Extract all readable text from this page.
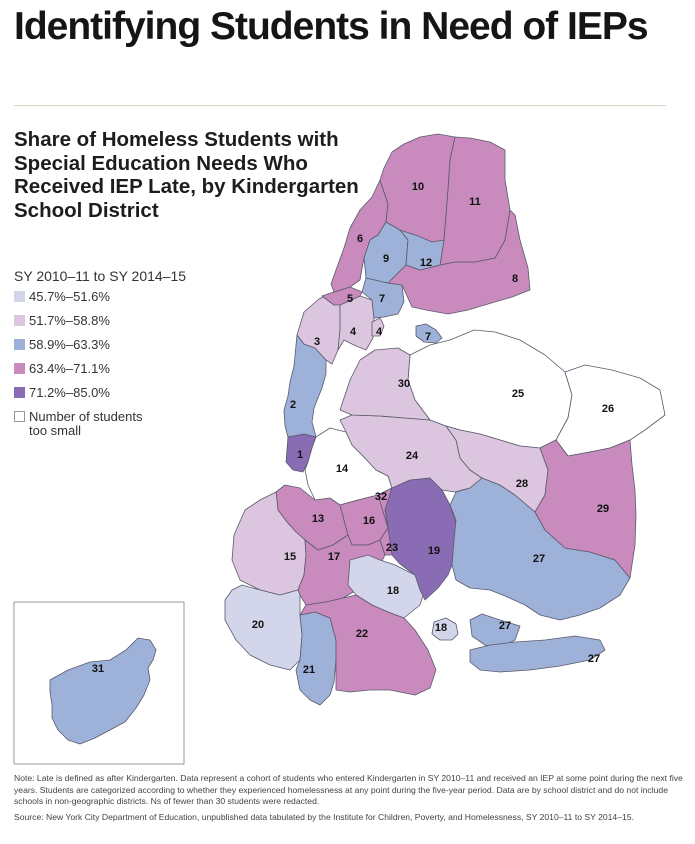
Identifying Students in Need of IEPs
Share of Homeless Students with Special Education Needs Who Received IEP Late, by Kindergarten School District
SY 2010–11 to SY 2014–15
45.7%–51.6%
51.7%–58.8%
58.9%–63.3%
63.4%–71.1%
71.2%–85.0%
Number of students too small
1
2
3
4
5
6
7
8
9
10
11
12
13
14
15
16
17
18
19
20
21
22
23
24
25
26
27
28
29
30
31
32
7
4
18	27
27
Note: Late is defined as after Kindergarten. Data represent a cohort of students who entered Kindergarten in SY 2010–11 and received an IEP at some point during the next five years. Students are categorized according to whether they experienced homelessness at any point during the five-year period. Data are by school district and do not include schools in non-geographic districts. Ns of fewer than 30 students were redacted.
Source: New York City Department of Education, unpublished data tabulated by the Institute for Children, Poverty, and Homelessness, SY 2010–11 to SY 2014–15.
